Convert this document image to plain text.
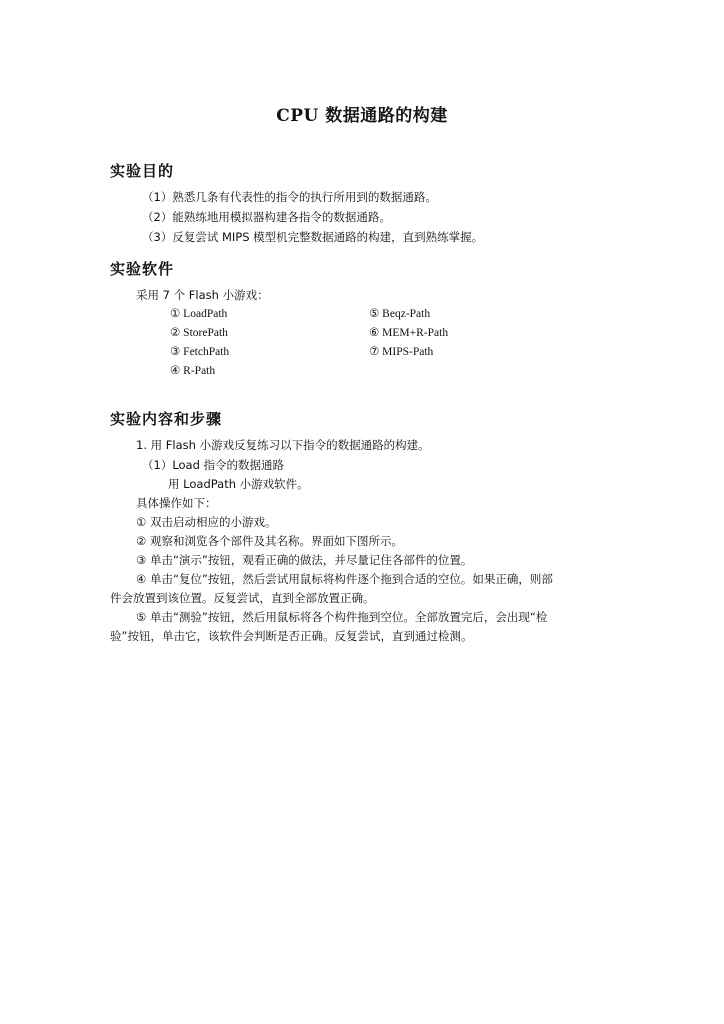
CPU 数据通路的构建
实验目的
（1）熟悉几条有代表性的指令的执行所用到的数据通路。
（2）能熟练地用模拟器构建各指令的数据通路。
（3）反复尝试 MIPS 模型机完整数据通路的构建，直到熟练掌握。
实验软件
采用 7 个 Flash 小游戏：
① LoadPath
② StorePath
③ FetchPath
④ R-Path
⑤ Beqz-Path
⑥ MEM+R-Path
⑦ MIPS-Path
实验内容和步骤
1. 用 Flash 小游戏反复练习以下指令的数据通路的构建。
（1）Load 指令的数据通路
用 LoadPath 小游戏软件。
具体操作如下：
① 双击启动相应的小游戏。
② 观察和浏览各个部件及其名称。界面如下图所示。
③ 单击“演示”按钮，观看正确的做法，并尽量记住各部件的位置。
④ 单击“复位”按钮，然后尝试用鼠标将构件逐个拖到合适的空位。如果正确，则部
件会放置到该位置。反复尝试，直到全部放置正确。
⑤ 单击“测验”按钮，然后用鼠标将各个构件拖到空位。全部放置完后，会出现“检
验”按钮，单击它，该软件会判断是否正确。反复尝试，直到通过检测。
